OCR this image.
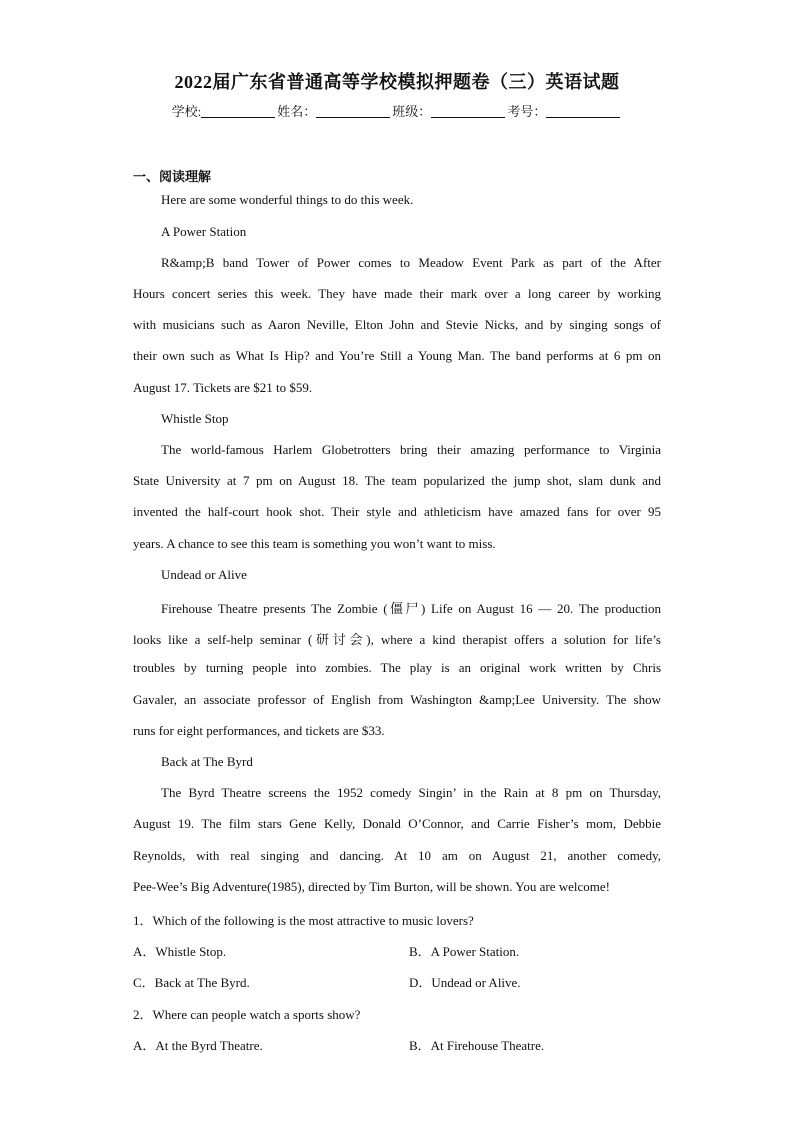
2022届广东省普通高等学校模拟押题卷（三）英语试题
学校:	姓名：	班级：	考号：
一、阅读理解
Here are some wonderful things to do this week.
A Power Station
R&amp;B band Tower of Power comes to Meadow Event Park as part of the After
Hours concert series this week. They have made their mark over a long career by working
with musicians such as Aaron Neville, Elton John and Stevie Nicks, and by singing songs of
their own such as What Is Hip? and You’re Still a Young Man. The band performs at 6 pm on
August 17. Tickets are $21 to $59.
Whistle Stop
The world-famous Harlem Globetrotters bring their amazing performance to Virginia
State University at 7 pm on August 18. The team popularized the jump shot, slam dunk and
invented the half-court hook shot. Their style and athleticism have amazed fans for over 95
years. A chance to see this team is something you won’t want to miss.
Undead or Alive
Firehouse Theatre presents The Zombie (僵尸) Life on August 16 — 20. The production
looks like a self-help seminar (研讨会), where a kind therapist offers a solution for life’s
troubles by turning people into zombies. The play is an original work written by Chris
Gavaler, an associate professor of English from Washington &amp;Lee University. The show
runs for eight performances, and tickets are $33.
Back at The Byrd
The Byrd Theatre screens the 1952 comedy Singin’ in the Rain at 8 pm on Thursday,
August 19. The film stars Gene Kelly, Donald O’Connor, and Carrie Fisher’s mom, Debbie
Reynolds, with real singing and dancing. At 10 am on August 21, another comedy,
Pee-Wee’s Big Adventure(1985), directed by Tim Burton, will be shown. You are welcome!
1．Which of the following is the most attractive to music lovers?
A．Whistle Stop.	B．A Power Station.
C．Back at The Byrd.	D．Undead or Alive.
2．Where can people watch a sports show?
A．At the Byrd Theatre.	B．At Firehouse Theatre.
